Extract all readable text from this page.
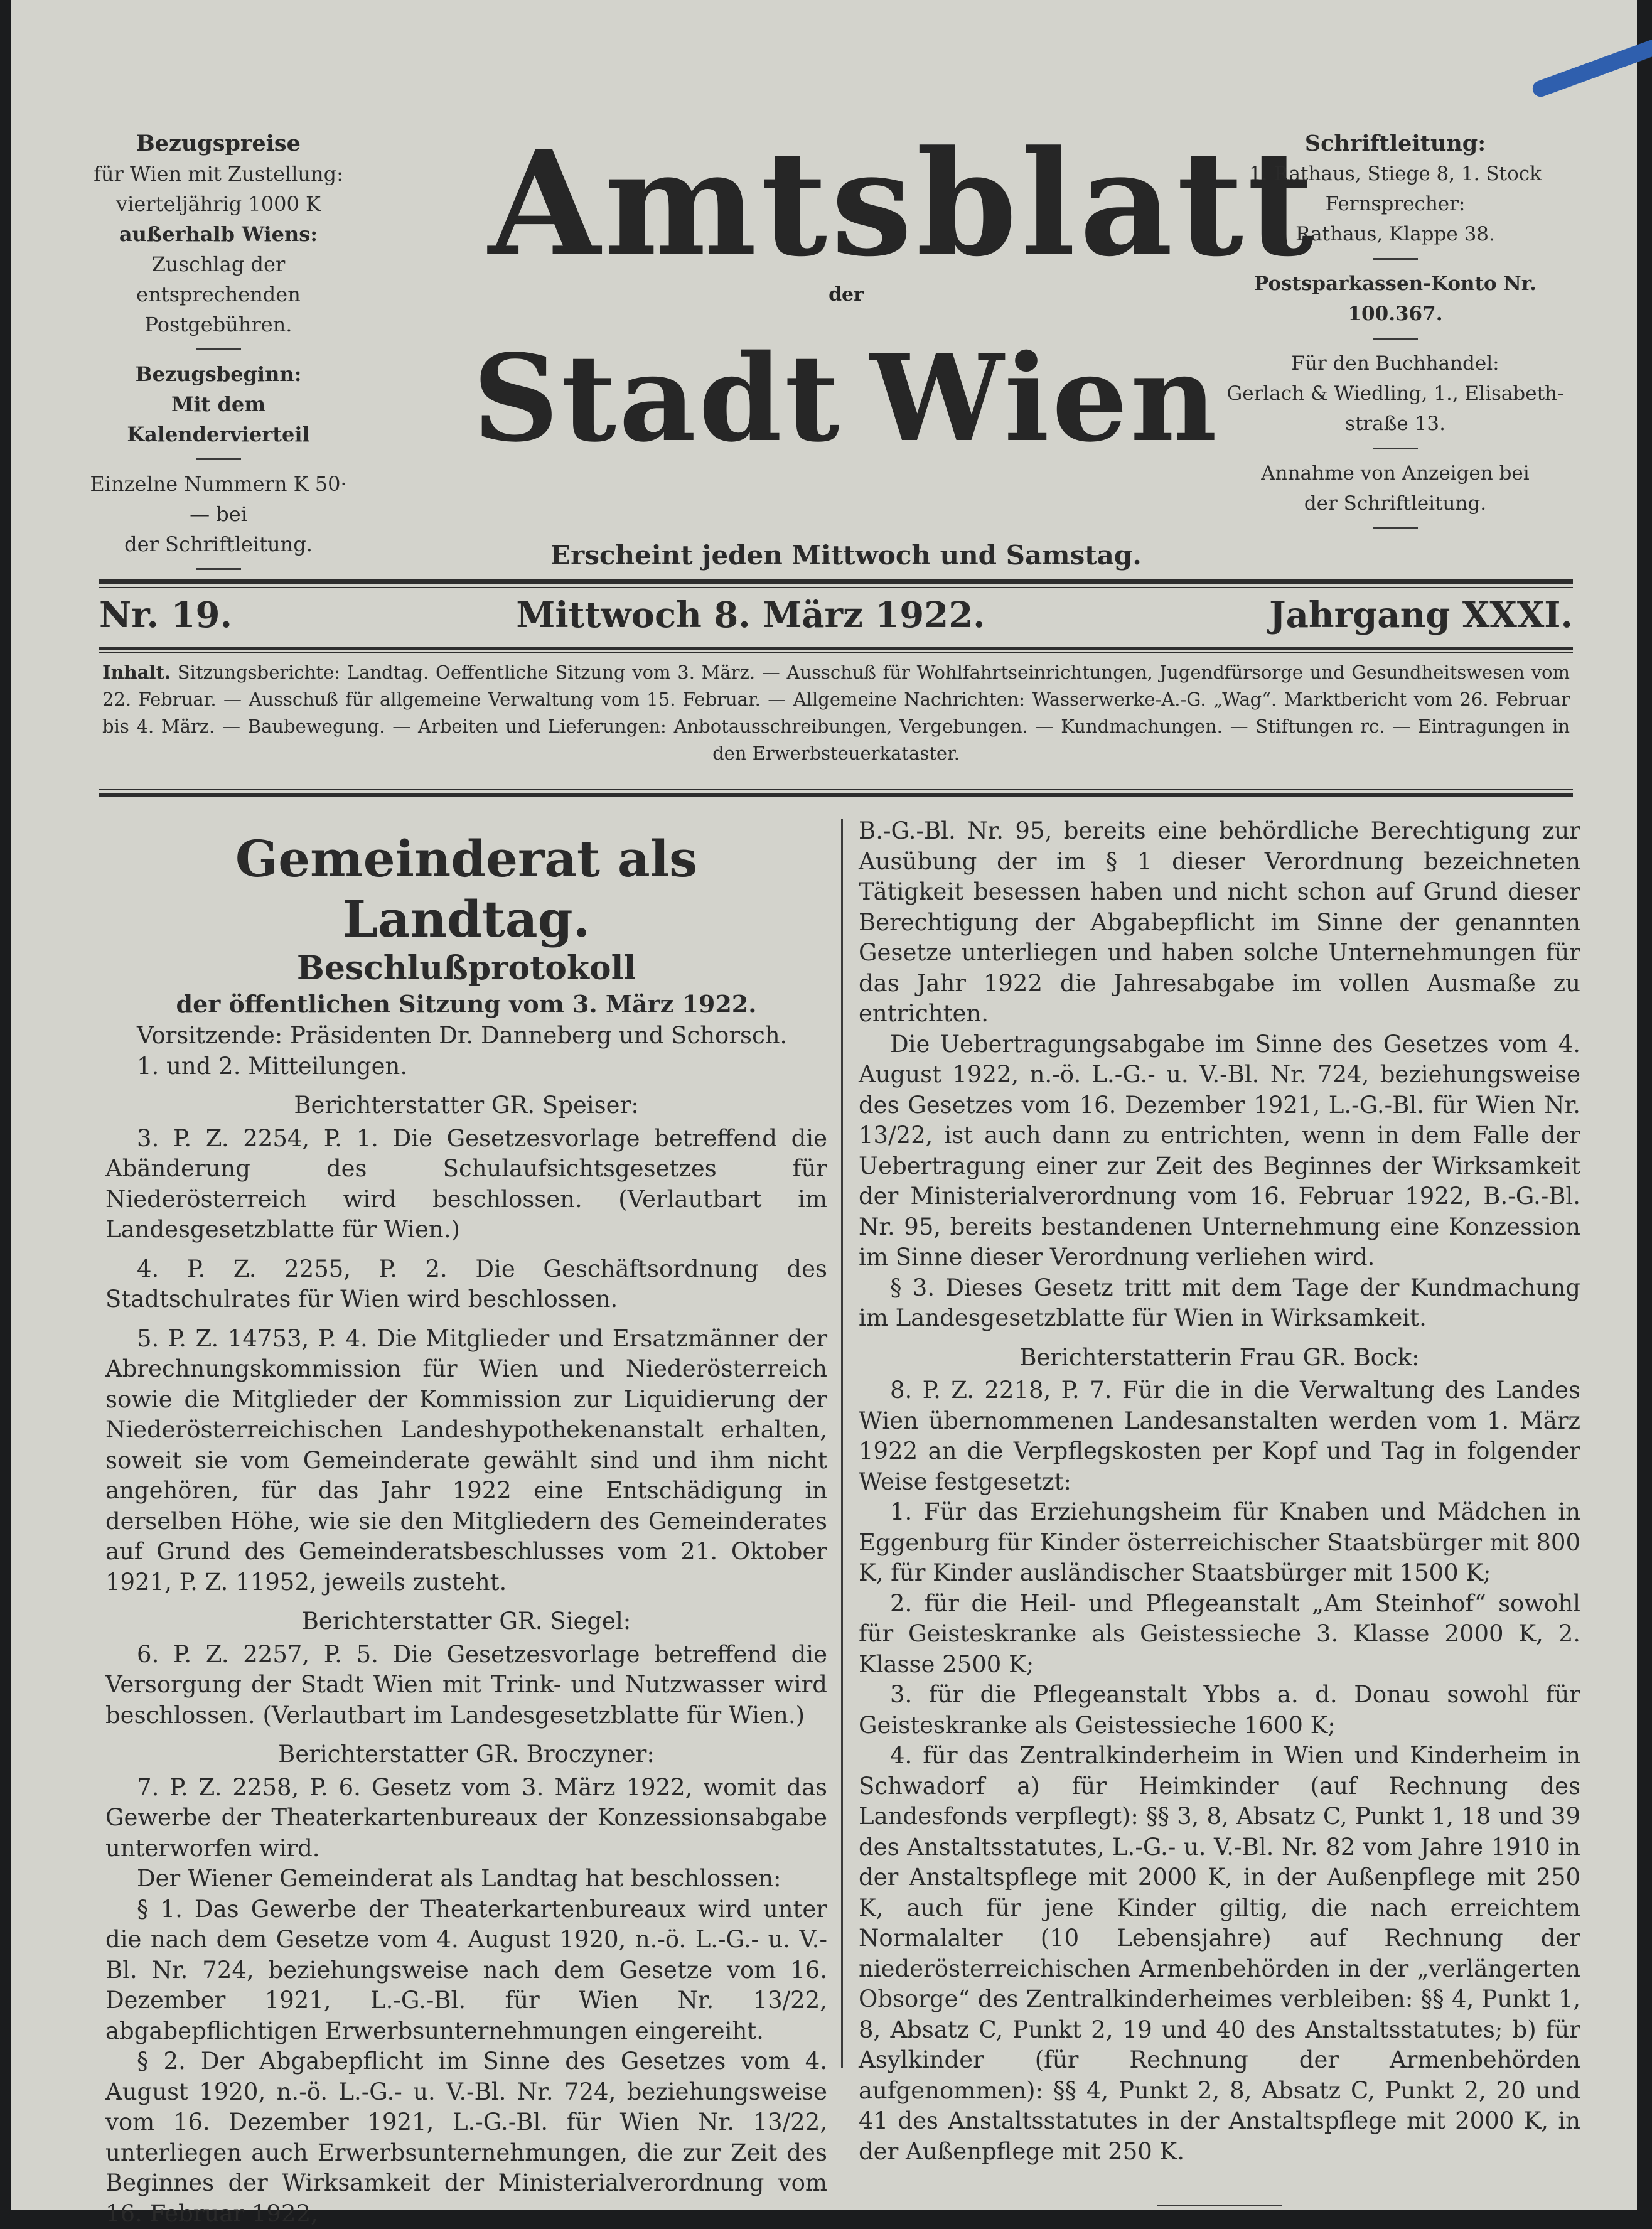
Bezugspreise
für Wien mit Zustellung:
vierteljährig 1000 K
außerhalb Wiens:
Zuschlag der entsprechenden
Postgebühren.
Bezugsbeginn:
Mit dem Kalendervierteil
Einzelne Nummern K 50·— bei
der Schriftleitung.
Amtsblatt
der
Stadt Wien
Erscheint jeden Mittwoch und Samstag.
Schriftleitung:
1. Rathaus, Stiege 8, 1. Stock
Fernsprecher:
Rathaus, Klappe 38.
Postsparkassen-Konto Nr. 100.367.
Für den Buchhandel:
Gerlach & Wiedling, 1., Elisabeth-
straße 13.
Annahme von Anzeigen bei
der Schriftleitung.
Nr. 19.	Mittwoch 8. März 1922.	Jahrgang XXXI.
Inhalt. Sitzungsberichte: Landtag. Oeffentliche Sitzung vom 3. März. — Ausschuß für Wohlfahrtseinrichtungen, Jugendfürsorge und Gesundheitswesen vom 22. Februar. — Ausschuß für allgemeine Verwaltung vom 15. Februar. — Allgemeine Nachrichten: Wasserwerke-A.-G. „Wag“. Marktbericht vom 26. Februar bis 4. März. — Baubewegung. — Arbeiten und Lieferungen: Anbotausschreibungen, Vergebungen. — Kundmachungen. — Stiftungen rc. — Eintragungen in den Erwerbsteuerkataster.
Gemeinderat als Landtag.
Beschlußprotokoll
der öffentlichen Sitzung vom 3. März 1922.

Vorsitzende: Präsidenten Dr. Danneberg und Schorsch.

1. und 2. Mitteilungen.

Berichterstatter GR. Speiser:

3. P. Z. 2254, P. 1. Die Gesetzesvorlage betreffend die Abänderung des Schulaufsichtsgesetzes für Niederösterreich wird beschlossen. (Verlautbart im Landesgesetzblatte für Wien.)

4. P. Z. 2255, P. 2. Die Geschäftsordnung des Stadtschulrates für Wien wird beschlossen.

5. P. Z. 14753, P. 4. Die Mitglieder und Ersatzmänner der Abrechnungskommission für Wien und Niederösterreich sowie die Mitglieder der Kommission zur Liquidierung der Niederösterreichischen Landeshypothekenanstalt erhalten, soweit sie vom Gemeinderate gewählt sind und ihm nicht angehören, für das Jahr 1922 eine Entschädigung in derselben Höhe, wie sie den Mitgliedern des Gemeinderates auf Grund des Gemeinderatsbeschlusses vom 21. Oktober 1921, P. Z. 11952, jeweils zusteht.

Berichterstatter GR. Siegel:

6. P. Z. 2257, P. 5. Die Gesetzesvorlage betreffend die Versorgung der Stadt Wien mit Trink- und Nutzwasser wird beschlossen. (Verlautbart im Landesgesetzblatte für Wien.)

Berichterstatter GR. Broczyner:

7. P. Z. 2258, P. 6. Gesetz vom 3. März 1922, womit das Gewerbe der Theaterkartenbureaux der Konzessionsabgabe unterworfen wird.

Der Wiener Gemeinderat als Landtag hat beschlossen:

§ 1. Das Gewerbe der Theaterkartenbureaux wird unter die nach dem Gesetze vom 4. August 1920, n.-ö. L.-G.- u. V.-Bl. Nr. 724, beziehungsweise nach dem Gesetze vom 16. Dezember 1921, L.-G.-Bl. für Wien Nr. 13/22, abgabepflichtigen Erwerbsunternehmungen eingereiht.

§ 2. Der Abgabepflicht im Sinne des Gesetzes vom 4. August 1920, n.-ö. L.-G.- u. V.-Bl. Nr. 724, beziehungsweise vom 16. Dezember 1921, L.-G.-Bl. für Wien Nr. 13/22, unterliegen auch Erwerbsunternehmungen, die zur Zeit des Beginnes der Wirksamkeit der Ministerialverordnung vom 16. Februar 1922,

B.-G.-Bl. Nr. 95, bereits eine behördliche Berechtigung zur Ausübung der im § 1 dieser Verordnung bezeichneten Tätigkeit besessen haben und nicht schon auf Grund dieser Berechtigung der Abgabepflicht im Sinne der genannten Gesetze unterliegen und haben solche Unternehmungen für das Jahr 1922 die Jahresabgabe im vollen Ausmaße zu entrichten.

Die Uebertragungsabgabe im Sinne des Gesetzes vom 4. August 1922, n.-ö. L.-G.- u. V.-Bl. Nr. 724, beziehungsweise des Gesetzes vom 16. Dezember 1921, L.-G.-Bl. für Wien Nr. 13/22, ist auch dann zu entrichten, wenn in dem Falle der Uebertragung einer zur Zeit des Beginnes der Wirksamkeit der Ministerialverordnung vom 16. Februar 1922, B.-G.-Bl. Nr. 95, bereits bestandenen Unternehmung eine Konzession im Sinne dieser Verordnung verliehen wird.

§ 3. Dieses Gesetz tritt mit dem Tage der Kundmachung im Landesgesetzblatte für Wien in Wirksamkeit.

Berichterstatterin Frau GR. Bock:

8. P. Z. 2218, P. 7. Für die in die Verwaltung des Landes Wien übernommenen Landesanstalten werden vom 1. März 1922 an die Verpflegskosten per Kopf und Tag in folgender Weise festgesetzt:

1. Für das Erziehungsheim für Knaben und Mädchen in Eggenburg für Kinder österreichischer Staatsbürger mit 800 K, für Kinder ausländischer Staatsbürger mit 1500 K;

2. für die Heil- und Pflegeanstalt „Am Steinhof“ sowohl für Geisteskranke als Geistessieche 3. Klasse 2000 K, 2. Klasse 2500 K;

3. für die Pflegeanstalt Ybbs a. d. Donau sowohl für Geisteskranke als Geistessieche 1600 K;

4. für das Zentralkinderheim in Wien und Kinderheim in Schwadorf a) für Heimkinder (auf Rechnung des Landesfonds verpflegt): §§ 3, 8, Absatz C, Punkt 1, 18 und 39 des Anstaltsstatutes, L.-G.- u. V.-Bl. Nr. 82 vom Jahre 1910 in der Anstaltspflege mit 2000 K, in der Außenpflege mit 250 K, auch für jene Kinder giltig, die nach erreichtem Normalalter (10 Lebensjahre) auf Rechnung der niederösterreichischen Armenbehörden in der „verlängerten Obsorge“ des Zentralkinderheimes verbleiben: §§ 4, Punkt 1, 8, Absatz C, Punkt 2, 19 und 40 des Anstaltsstatutes; b) für Asylkinder (für Rechnung der Armenbehörden aufgenommen): §§ 4, Punkt 2, 8, Absatz C, Punkt 2, 20 und 41 des Anstaltsstatutes in der Anstaltspflege mit 2000 K, in der Außenpflege mit 250 K.
